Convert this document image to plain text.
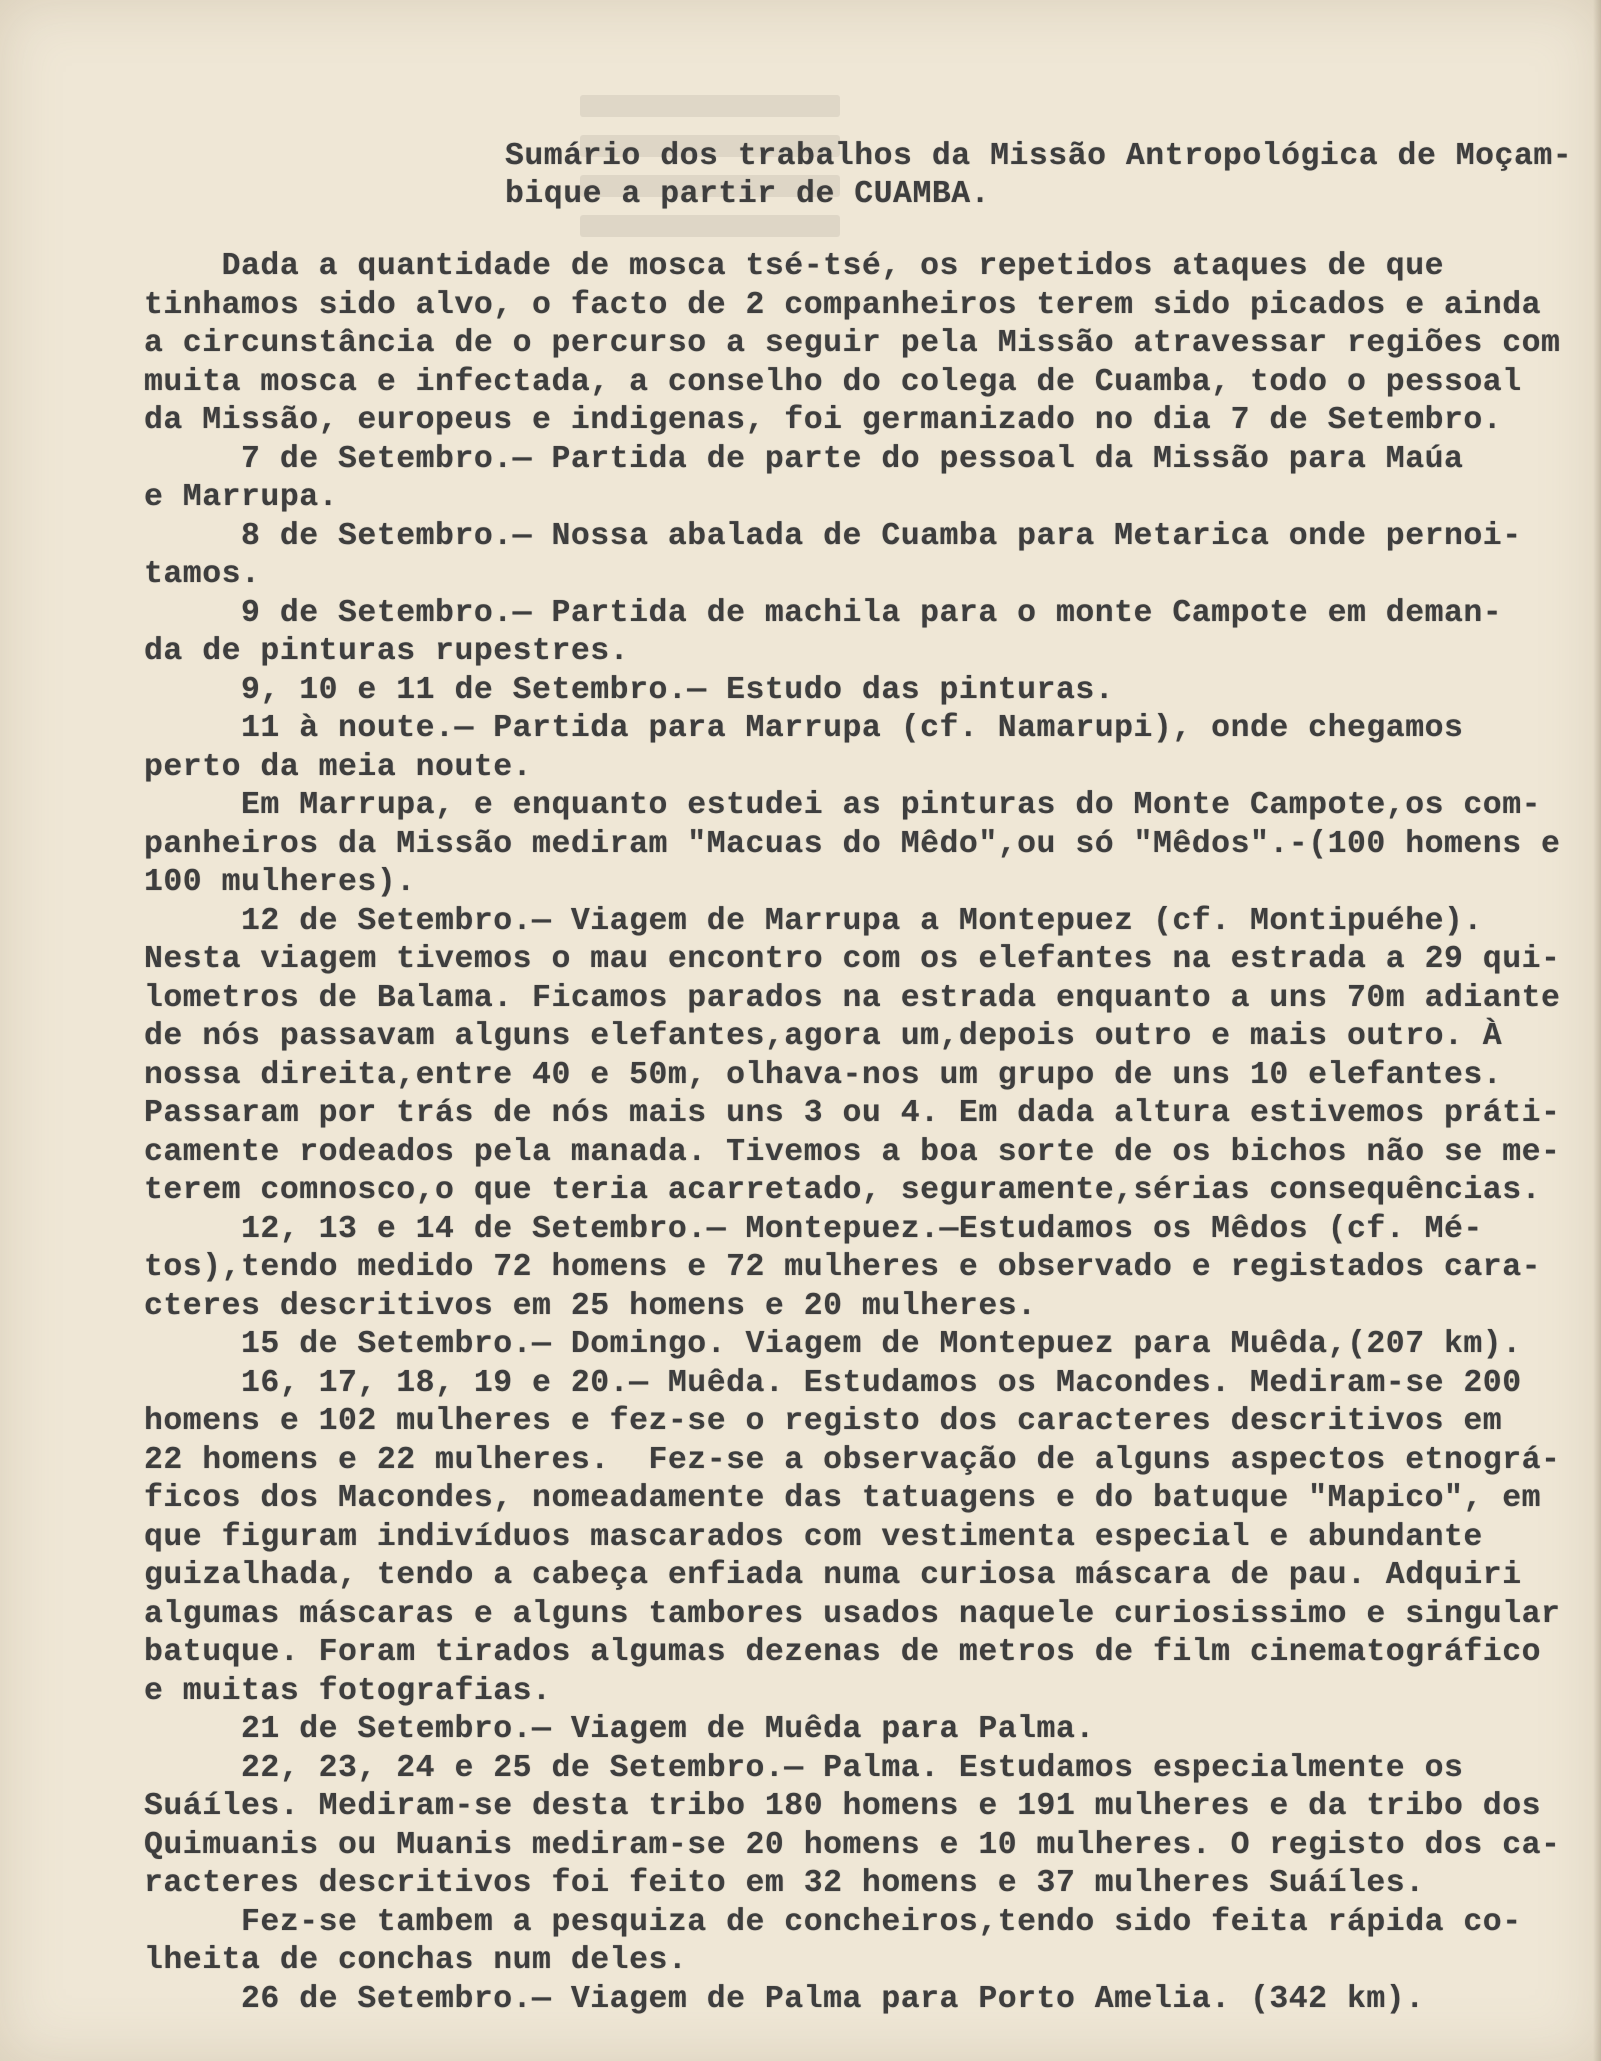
Sumário dos trabalhos da Missão Antropológica de Moçam-
bique a partir de CUAMBA.
Dada a quantidade de mosca tsé-tsé, os repetidos ataques de que
tinhamos sido alvo, o facto de 2 companheiros terem sido picados e ainda
a circunstância de o percurso a seguir pela Missão atravessar regiões com
muita mosca e infectada, a conselho do colega de Cuamba, todo o pessoal
da Missão, europeus e indigenas, foi germanizado no dia 7 de Setembro.
7 de Setembro.— Partida de parte do pessoal da Missão para Maúa
e Marrupa.
8 de Setembro.— Nossa abalada de Cuamba para Metarica onde pernoi-
tamos.
9 de Setembro.— Partida de machila para o monte Campote em deman-
da de pinturas rupestres.
9, 10 e 11 de Setembro.— Estudo das pinturas.
11 à noute.— Partida para Marrupa (cf. Namarupi), onde chegamos
perto da meia noute.
Em Marrupa, e enquanto estudei as pinturas do Monte Campote,os com-
panheiros da Missão mediram "Macuas do Mêdo",ou só "Mêdos".-(100 homens e
100 mulheres).
12 de Setembro.— Viagem de Marrupa a Montepuez (cf. Montipuéhe).
Nesta viagem tivemos o mau encontro com os elefantes na estrada a 29 qui-
lometros de Balama. Ficamos parados na estrada enquanto a uns 70m adiante
de nós passavam alguns elefantes,agora um,depois outro e mais outro. À
nossa direita,entre 40 e 50m, olhava-nos um grupo de uns 10 elefantes.
Passaram por trás de nós mais uns 3 ou 4. Em dada altura estivemos práti-
camente rodeados pela manada. Tivemos a boa sorte de os bichos não se me-
terem comnosco,o que teria acarretado, seguramente,sérias consequências.
12, 13 e 14 de Setembro.— Montepuez.—Estudamos os Mêdos (cf. Mé-
tos),tendo medido 72 homens e 72 mulheres e observado e registados cara-
cteres descritivos em 25 homens e 20 mulheres.
15 de Setembro.— Domingo. Viagem de Montepuez para Muêda,(207 km).
16, 17, 18, 19 e 20.— Muêda. Estudamos os Macondes. Mediram-se 200
homens e 102 mulheres e fez-se o registo dos caracteres descritivos em
22 homens e 22 mulheres.  Fez-se a observação de alguns aspectos etnográ-
ficos dos Macondes, nomeadamente das tatuagens e do batuque "Mapico", em
que figuram indivíduos mascarados com vestimenta especial e abundante
guizalhada, tendo a cabeça enfiada numa curiosa máscara de pau. Adquiri
algumas máscaras e alguns tambores usados naquele curiosissimo e singular
batuque. Foram tirados algumas dezenas de metros de film cinematográfico
e muitas fotografias.
21 de Setembro.— Viagem de Muêda para Palma.
22, 23, 24 e 25 de Setembro.— Palma. Estudamos especialmente os
Suáíles. Mediram-se desta tribo 180 homens e 191 mulheres e da tribo dos
Quimuanis ou Muanis mediram-se 20 homens e 10 mulheres. O registo dos ca-
racteres descritivos foi feito em 32 homens e 37 mulheres Suáíles.
Fez-se tambem a pesquiza de concheiros,tendo sido feita rápida co-
lheita de conchas num deles.
26 de Setembro.— Viagem de Palma para Porto Amelia. (342 km).
